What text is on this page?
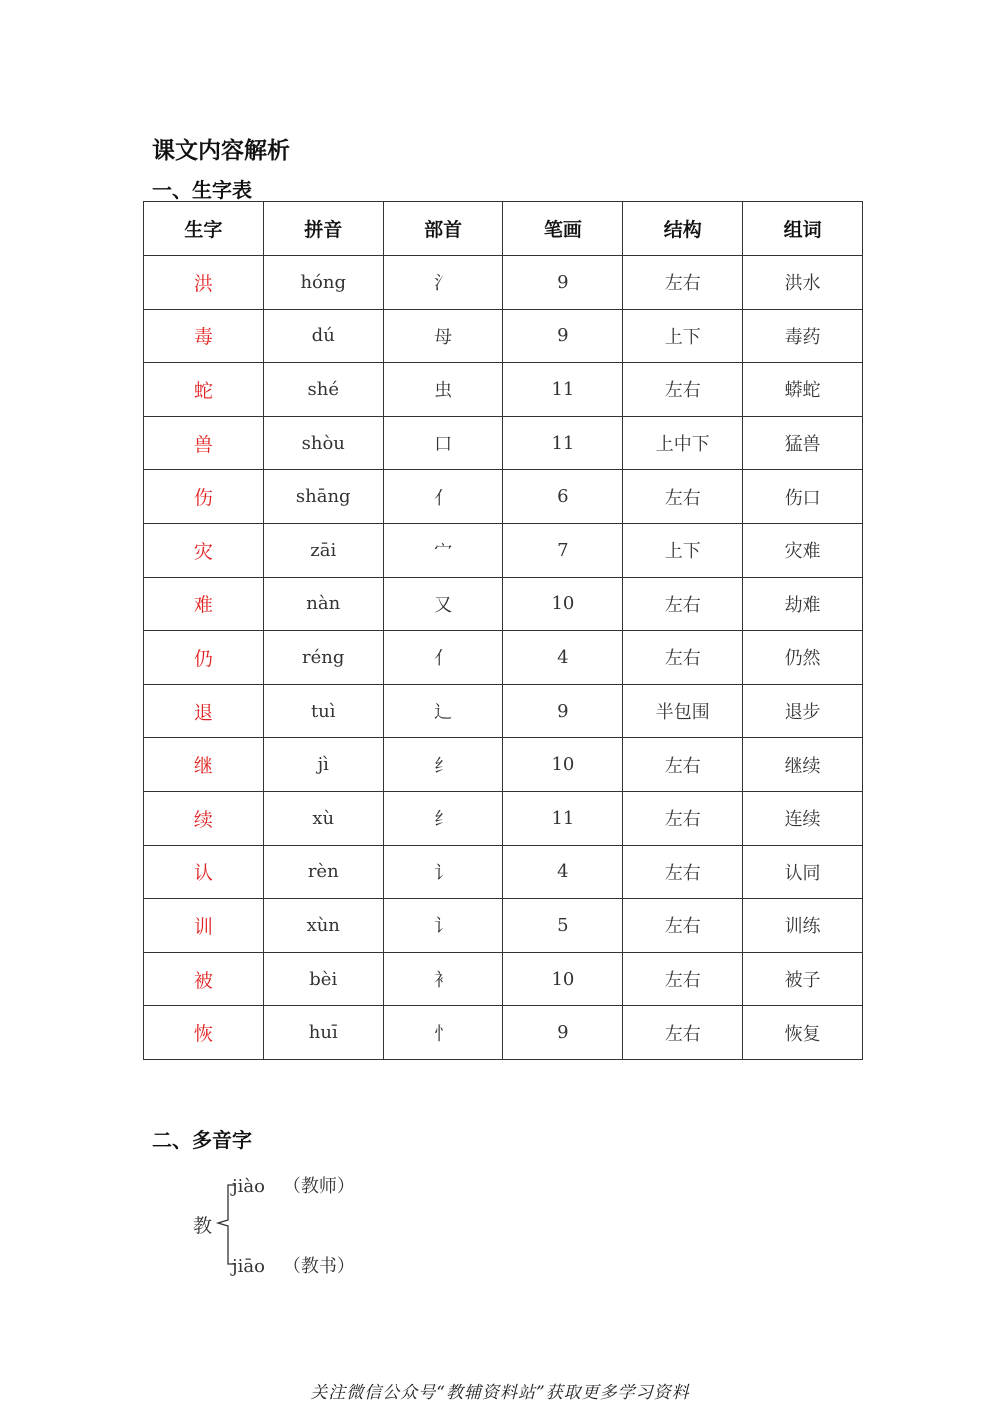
课文内容解析
一、生字表
生字	拼音	部首	笔画	结构	组词
洪	hóng	氵	9	左右	洪水
毒	dú	母	9	上下	毒药
蛇	shé	虫	11	左右	蟒蛇
兽	shòu	口	11	上中下	猛兽
伤	shāng	亻	6	左右	伤口
灾	zāi	宀	7	上下	灾难
难	nàn	又	10	左右	劫难
仍	réng	亻	4	左右	仍然
退	tuì	辶	9	半包围	退步
继	jì	纟	10	左右	继续
续	xù	纟	11	左右	连续
认	rèn	讠	4	左右	认同
训	xùn	讠	5	左右	训练
被	bèi	衤	10	左右	被子
恢	huī	忄	9	左右	恢复
二、多音字
教
jiào （教师）
jiāo （教书）
关注微信公众号“教辅资料站”获取更多学习资料
